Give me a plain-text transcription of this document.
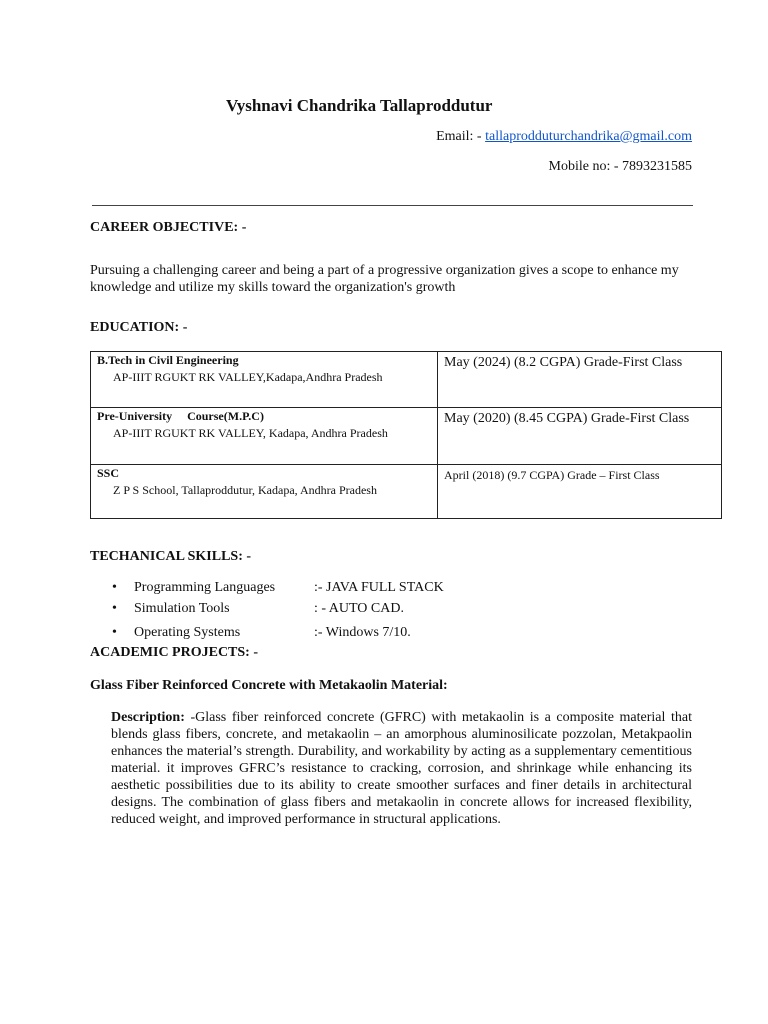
Vyshnavi Chandrika Tallaproddutur
Email: - tallaprodduturchandrika@gmail.com
Mobile no: - 7893231585
CAREER OBJECTIVE: -
Pursuing a challenging career and being a part of a progressive organization gives a scope to enhance my knowledge and utilize my skills toward the organization's growth
EDUCATION: -
B.Tech in Civil Engineering
AP-IIIT RGUKT RK VALLEY,Kadapa,Andhra Pradesh	May (2024) (8.2 CGPA) Grade-First Class

Pre-University     Course(M.P.C)
AP-IIIT RGUKT RK VALLEY, Kadapa, Andhra Pradesh	May (2020) (8.45 CGPA) Grade-First Class

SSC
Z P S School, Tallaproddutur, Kadapa, Andhra Pradesh	April (2018) (9.7 CGPA) Grade – First Class
TECHANICAL SKILLS: -
• Programming Languages	:- JAVA FULL STACK
• Simulation Tools	: - AUTO CAD.
• Operating Systems	:- Windows 7/10.
ACADEMIC PROJECTS: -
Glass Fiber Reinforced Concrete with Metakaolin Material:
Description: -Glass fiber reinforced concrete (GFRC) with metakaolin is a composite material that blends glass fibers, concrete, and metakaolin – an amorphous aluminosilicate pozzolan, Metakpaolin enhances the material’s strength. Durability, and workability by acting as a supplementary cementitious material. it improves GFRC’s resistance to cracking, corrosion, and shrinkage while enhancing its aesthetic possibilities due to its ability to create smoother surfaces and finer details in architectural designs. The combination of glass fibers and metakaolin in concrete allows for increased flexibility, reduced weight, and improved performance in structural applications.
